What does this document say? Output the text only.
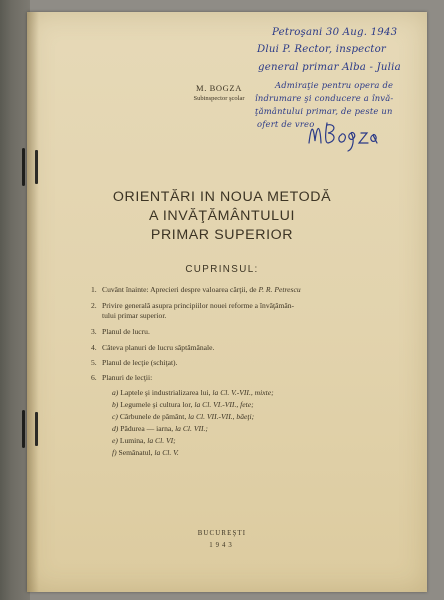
Petroşani 30 Aug. 1943
Dlui P. Rector, inspector
general primar Alba - Julia
Admiraţie pentru opera de
îndrumare şi conducere a învă-
ţământului primar, de peste un
ofert de vreo
M. BOGZA
Subinspector şcolar
ORIENTĂRI IN NOUA METODĂ
A INVĂŢĂMÂNTULUI
PRIMAR SUPERIOR
CUPRINSUL:
1. Cuvânt înainte: Aprecieri despre valoarea cărţii, de P. R. Petrescu
2. Privire generală asupra principiilor nouei reforme a învăţămân-
tului primar superior.
3. Planul de lucru.
4. Câteva planuri de lucru săptămânale.
5. Planul de lecţie (schiţat).
6. Planuri de lecţii:
a) Laptele şi industrializarea lui, la Cl. V.-VII., mixte;
b) Legumele şi cultura lor, la Cl. VI.-VII., fete;
c) Cărbunele de pământ, la Cl. VII.-VII., băeţi;
d) Pădurea — iarna, la Cl. VII.;
e) Lumina, la Cl. VI;
f) Semănatul, la Cl. V.
BUCUREŞTI
1943
